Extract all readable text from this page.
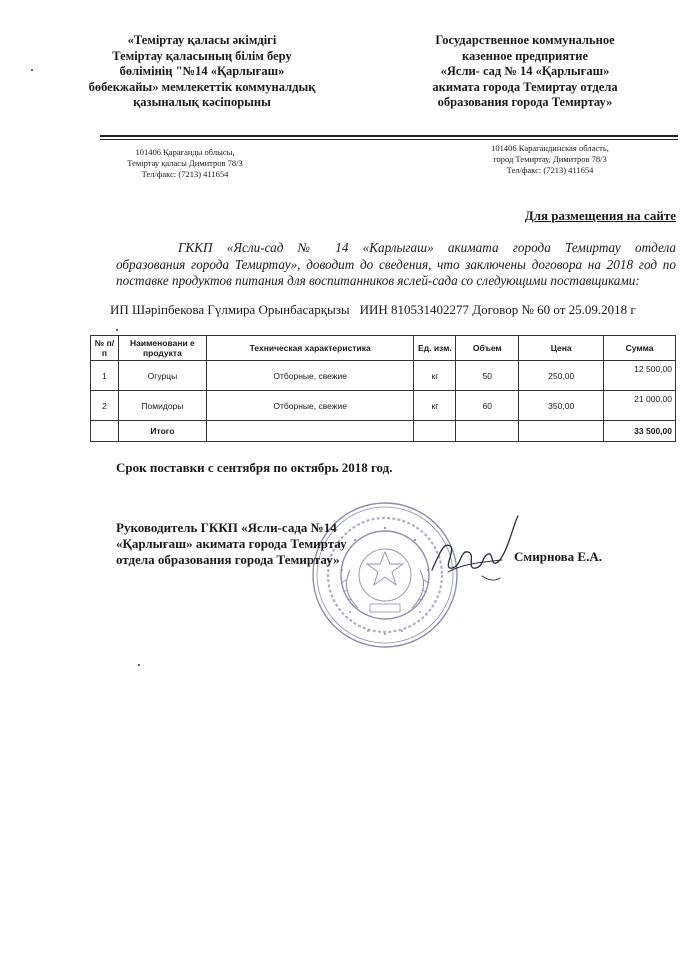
«Теміртау қаласы әкімдігі
Теміртау қаласының білім беру
бөлімінің "№14 «Қарлығаш»
бөбекжайы» мемлекеттік коммуналдық
қазыналық кәсіпорыны
Государственное коммунальное
казенное предприятие
«Ясли- сад № 14 «Қарлығаш»
акимата города Темиртау отдела
образования города Темиртау»
101406 Қарағанды облысы,
Теміртау қаласы Димитров 78/3
Тел/факс: (7213) 411654
101406 Карагандинская область,
город Темиртау, Димитров 78/3
Тел/факс: (7213) 411654
Для размещения на сайте
ГККП «Ясли-сад № 14 «Карлыгаш» акимата города Темиртау отдела
образования города Темиртау», доводит до сведения, что заключены договора на 2018 год по
поставке продуктов питания для воспитанников яслей-сада со следующими поставщиками:
ИП Шәріпбекова Гүлмира Орынбасарқызы ИИН 810531402277 Договор № 60 от 25.09.2018 г
№ п/п	Наименовани е продукта	Техническая характеристика	Ед. изм.	Объем	Цена	Сумма
1	Огурцы	Отборные, свежие	кг	50	250,00	12 500,00
2	Помидоры	Отборные, свежие	кг	60	350,00	21 000,00
	Итого					33 500,00
Срок поставки с сентября по октябрь 2018 год.
Руководитель ГККП «Ясли-сада №14
«Қарлығаш» акимата города Темиртау
отдела образования города Темиртау»	Смирнова Е.А.
